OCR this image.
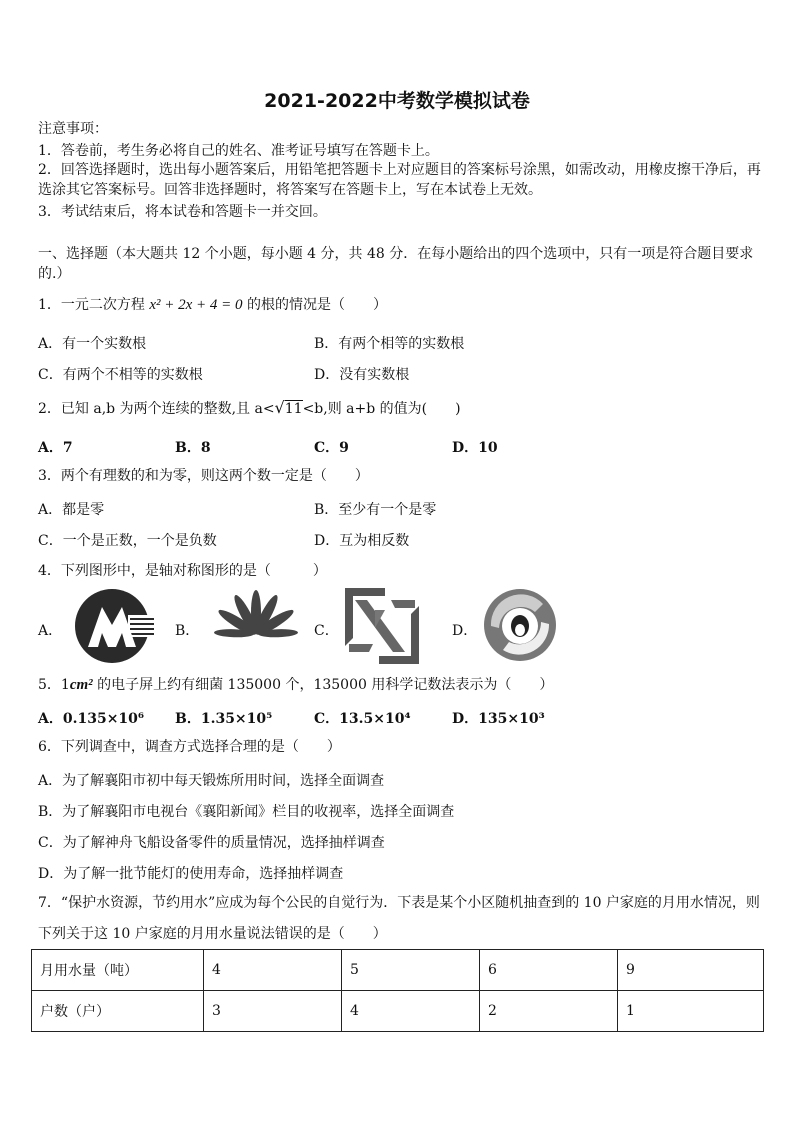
2021-2022中考数学模拟试卷
注意事项：
1．答卷前，考生务必将自己的姓名、准考证号填写在答题卡上。
2．回答选择题时，选出每小题答案后，用铅笔把答题卡上对应题目的答案标号涂黑，如需改动，用橡皮擦干净后，再
选涂其它答案标号。回答非选择题时，将答案写在答题卡上，写在本试卷上无效。
3．考试结束后，将本试卷和答题卡一并交回。
一、选择题（本大题共 12 个小题，每小题 4 分，共 48 分．在每小题给出的四个选项中，只有一项是符合题目要求
的.）
1．一元二次方程 x² + 2x + 4 = 0 的根的情况是（　　）
A．有一个实数根	B．有两个相等的实数根
C．有两个不相等的实数根	D．没有实数根
2．已知 a,b 为两个连续的整数,且 a<√11<b,则 a+b 的值为(　　)
A．7	B．8	C．9	D．10
3．两个有理数的和为零，则这两个数一定是（　　）
A．都是零	B．至少有一个是零
C．一个是正数，一个是负数	D．互为相反数
4．下列图形中，是轴对称图形的是（　　　）
A．	B．	C．	D．
5．1cm² 的电子屏上约有细菌 135000 个，135000 用科学记数法表示为（　　）
A．0.135×10⁶ B．1.35×10⁵	C．13.5×10⁴	D．135×10³
6．下列调查中，调查方式选择合理的是（　　）
A．为了解襄阳市初中每天锻炼所用时间，选择全面调查
B．为了解襄阳市电视台《襄阳新闻》栏目的收视率，选择全面调查
C．为了解神舟飞船设备零件的质量情况，选择抽样调查
D．为了解一批节能灯的使用寿命，选择抽样调查
7．“保护水资源，节约用水”应成为每个公民的自觉行为．下表是某个小区随机抽查到的 10 户家庭的月用水情况，则
下列关于这 10 户家庭的月用水量说法错误的是（　　）
月用水量（吨）	4	5	6	9
户数（户）	3	4	2	1
